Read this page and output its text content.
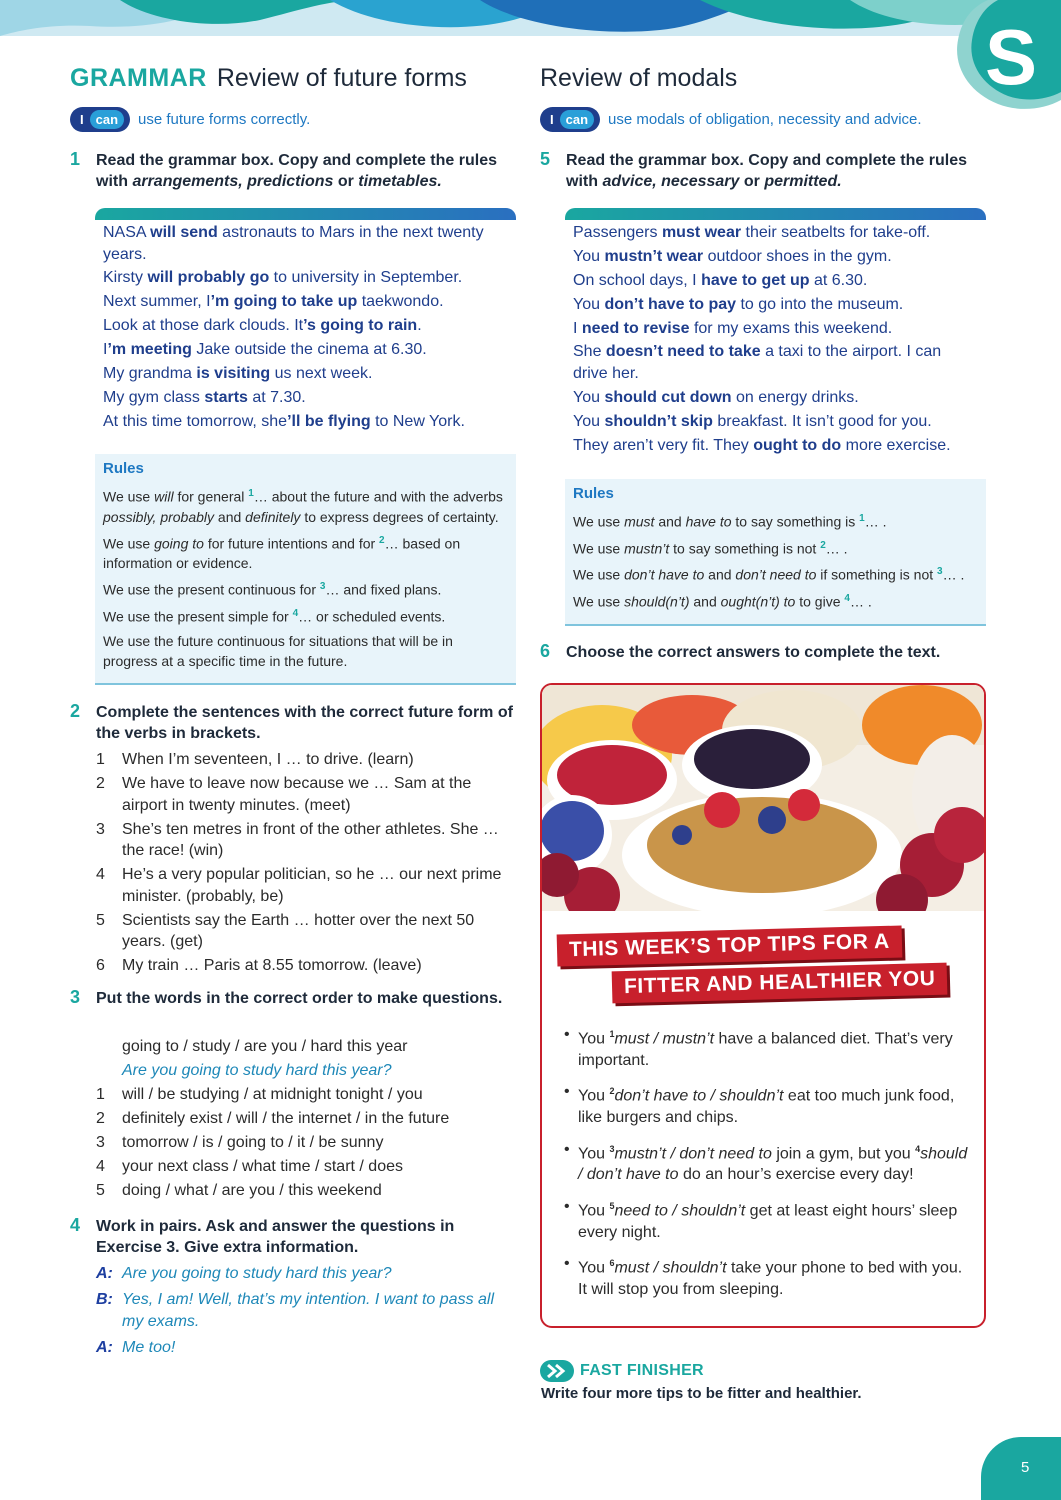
S
GRAMMAR Review of future forms
I can	use future forms correctly.
1 Read the grammar box. Copy and complete the rules with arrangements, predictions or timetables.
NASA will send astronauts to Mars in the next twenty years.
Kirsty will probably go to university in September.
Next summer, I’m going to take up taekwondo.
Look at those dark clouds. It’s going to rain.
I’m meeting Jake outside the cinema at 6.30.
My grandma is visiting us next week.
My gym class starts at 7.30.
At this time tomorrow, she’ll be flying to New York.
Rules
We use will for general $^1$… about the future and with the adverbs possibly, probably and definitely to express degrees of certainty.
We use going to for future intentions and for $^2$… based on information or evidence.
We use the present continuous for $^3$… and fixed plans.
We use the present simple for $^4$… or scheduled events.
We use the future continuous for situations that will be in progress at a specific time in the future.
2 Complete the sentences with the correct future form of the verbs in brackets.
1 When I’m seventeen, I … to drive. (learn)
2 We have to leave now because we … Sam at the airport in twenty minutes. (meet)
3 She’s ten metres in front of the other athletes. She … the race! (win)
4 He’s a very popular politician, so he … our next prime minister. (probably, be)
5 Scientists say the Earth … hotter over the next 50 years. (get)
6 My train … Paris at 8.55 tomorrow. (leave)
3 Put the words in the correct order to make questions.
going to / study / are you / hard this year
Are you going to study hard this year?
1 will / be studying / at midnight tonight / you
2 definitely exist / will / the internet / in the future
3 tomorrow / is / going to / it / be sunny
4 your next class / what time / start / does
5 doing / what / are you / this weekend
4 Work in pairs. Ask and answer the questions in Exercise 3. Give extra information.
A: Are you going to study hard this year?
B: Yes, I am! Well, that’s my intention. I want to pass all my exams.
A: Me too!
Review of modals
I can	use modals of obligation, necessity and advice.
5 Read the grammar box. Copy and complete the rules with advice, necessary or permitted.
Passengers must wear their seatbelts for take-off.
You mustn’t wear outdoor shoes in the gym.
On school days, I have to get up at 6.30.
You don’t have to pay to go into the museum.
I need to revise for my exams this weekend.
She doesn’t need to take a taxi to the airport. I can drive her.
You should cut down on energy drinks.
You shouldn’t skip breakfast. It isn’t good for you.
They aren’t very fit. They ought to do more exercise.
Rules
We use must and have to to say something is $^1$… .
We use mustn’t to say something is not $^2$… .
We use don’t have to and don’t need to if something is not $^3$… .
We use should(n’t) and ought(n’t) to to give $^4$… .
6 Choose the correct answers to complete the text.
THIS WEEK’S TOP TIPS FOR A
FITTER AND HEALTHIER YOU
• You $^1$must / mustn’t have a balanced diet. That’s very important.
• You $^2$don’t have to / shouldn’t eat too much junk food, like burgers and chips.
• You $^3$mustn’t / don’t need to join a gym, but you $^4$should / don’t have to do an hour’s exercise every day!
• You $^5$need to / shouldn’t get at least eight hours’ sleep every night.
• You $^6$must / shouldn’t take your phone to bed with you. It will stop you from sleeping.
FAST FINISHER
Write four more tips to be fitter and healthier.
5
